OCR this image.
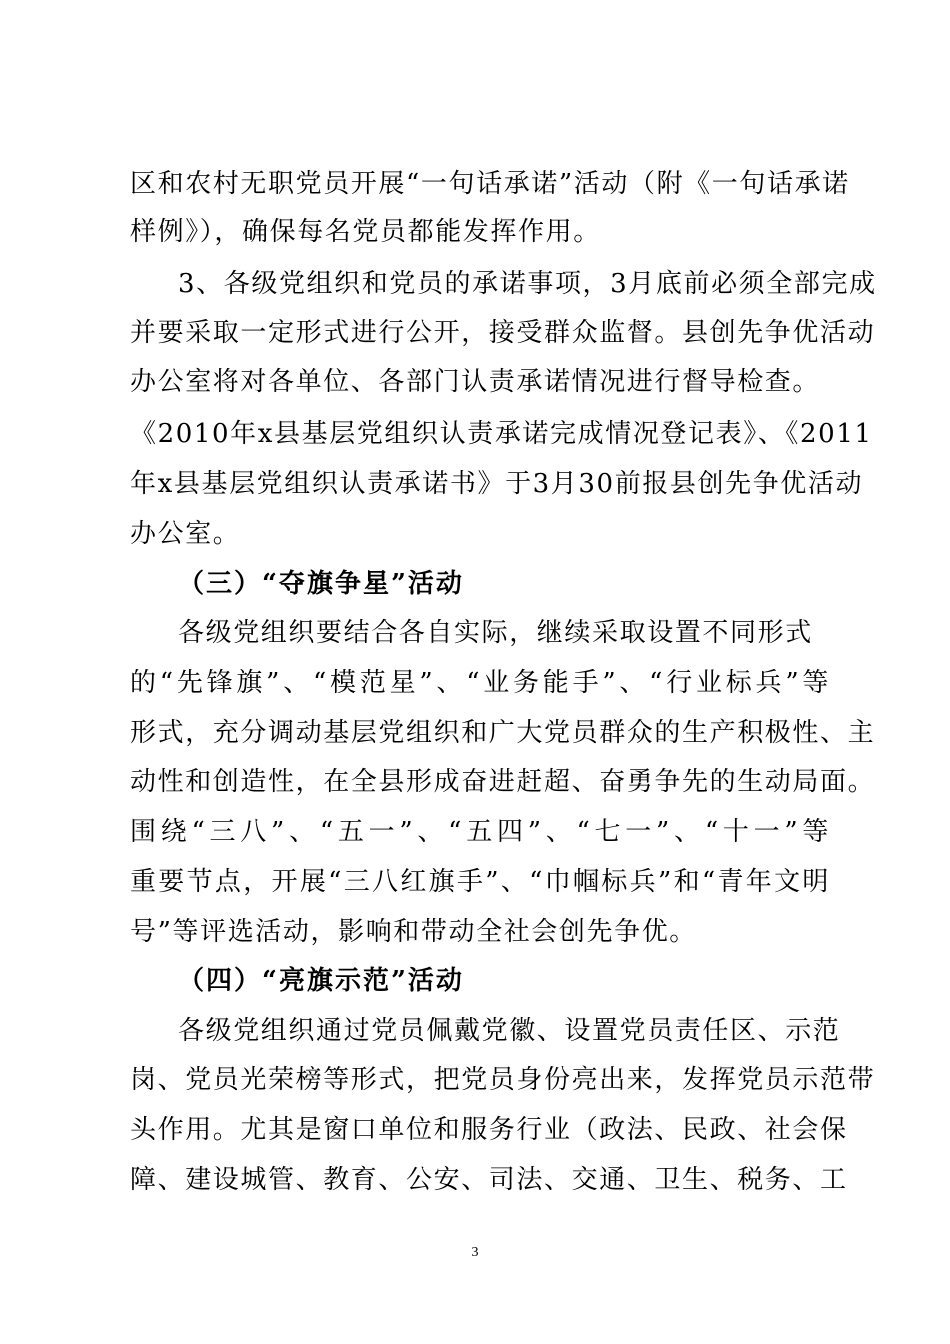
区和农村无职党员开展“一句话承诺”活动（附《一句话承诺
样例》），确保每名党员都能发挥作用。
3、各级党组织和党员的承诺事项，3月底前必须全部完成
并要采取一定形式进行公开，接受群众监督。县创先争优活动
办公室将对各单位、各部门认责承诺情况进行督导检查。
《2010年x县基层党组织认责承诺完成情况登记表》、《2011
年x县基层党组织认责承诺书》于3月30前报县创先争优活动
办公室。
（三）“夺旗争星”活动
各级党组织要结合各自实际，继续采取设置不同形式
的“先锋旗”、“模范星”、“业务能手”、“行业标兵”等
形式，充分调动基层党组织和广大党员群众的生产积极性、主
动性和创造性，在全县形成奋进赶超、奋勇争先的生动局面。
围绕“三八”、“五一”、“五四”、“七一”、“十一”等
重要节点，开展“三八红旗手”、“巾帼标兵”和“青年文明
号”等评选活动，影响和带动全社会创先争优。
（四）“亮旗示范”活动
各级党组织通过党员佩戴党徽、设置党员责任区、示范
岗、党员光荣榜等形式，把党员身份亮出来，发挥党员示范带
头作用。尤其是窗口单位和服务行业（政法、民政、社会保
障、建设城管、教育、公安、司法、交通、卫生、税务、工
3
